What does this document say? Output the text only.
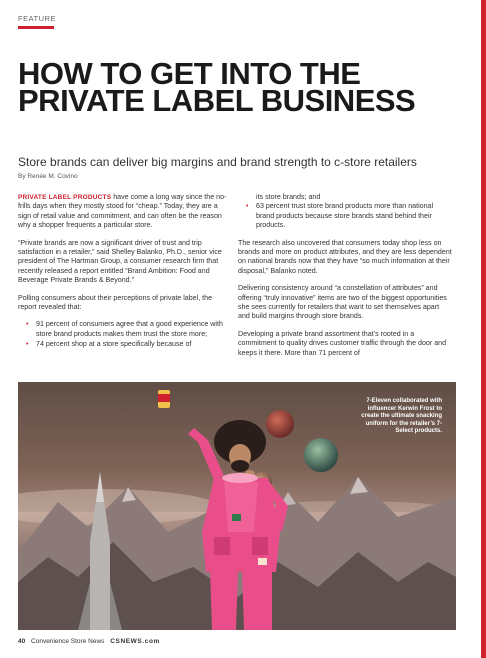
FEATURE
HOW TO GET INTO THE PRIVATE LABEL BUSINESS

Store brands can deliver big margins and brand strength to c-store retailers

By Renée M. Covino

PRIVATE LABEL PRODUCTS have come a long way since the no-frills days when they mostly stood for “cheap.” Today, they are a sign of retail value and commitment, and can often be the reason why a shopper frequents a particular store.

“Private brands are now a significant driver of trust and trip satisfaction in a retailer,” said Shelley Balanko, Ph.D., senior vice president of The Hartman Group, a consumer research firm that recently released a report entitled “Brand Ambition: Food and Beverage Private Brands & Beyond.”

Polling consumers about their perceptions of private label, the report revealed that:

• 91 percent of consumers agree that a good experience with store brand products makes them trust the store more;
• 74 percent shop at a store specifically because of

its store brands; and

• 63 percent trust store brand products more than national brand products because store brands stand behind their products.

The research also uncovered that consumers today shop less on brands and more on product attributes, and they are less dependent on national brands now that they have “so much information at their disposal,” Balanko noted.

Delivering consistency around “a constellation of attributes” and offering “truly innovative” items are two of the biggest opportunities she sees currently for retailers that want to set themselves apart and build margins through store brands.

Developing a private brand assortment that’s rooted in a commitment to quality drives customer traffic through the door and keeps it there. More than 71 percent of

7-Eleven collaborated with influencer Kerwin Frost to create the ultimate snacking uniform for the retailer’s 7-Select products.
40 Convenience Store News CSNEWS.com
